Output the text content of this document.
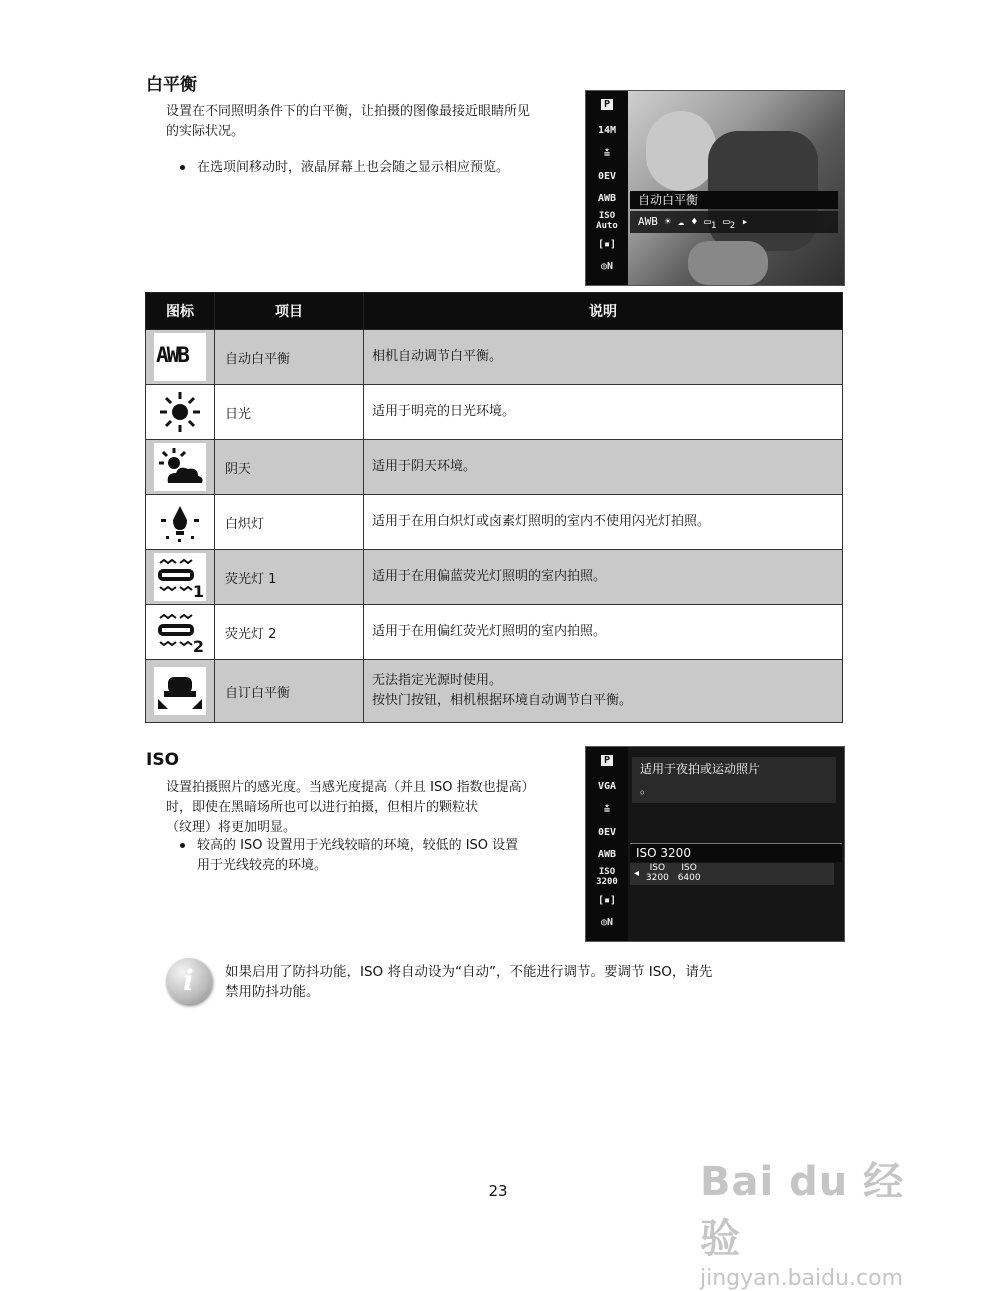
白平衡
设置在不同照明条件下的白平衡，让拍摄的图像最接近眼睛所见
的实际状况。
在选项间移动时，液晶屏幕上也会随之显示相应预览。
P
14M
≛
0EV
AWB
ISO
Auto
[▪]
◎N
自动白平衡
AWB ☀ ☁ ♦ $▭_1$ $▭_2$ ▸
图标	项目	说明

AWB	自动白平衡	相机自动调节白平衡。
	日光	适用于明亮的日光环境。
	阴天	适用于阴天环境。
	白炽灯	适用于在用白炽灯或卤素灯照明的室内不使用闪光灯拍照。

1	荧光灯 1	适用于在用偏蓝荧光灯照明的室内拍照。

2	荧光灯 2	适用于在用偏红荧光灯照明的室内拍照。
	自订白平衡	无法指定光源时使用。
按快门按钮，相机根据环境自动调节白平衡。
ISO
设置拍摄照片的感光度。当感光度提高（并且 ISO 指数也提高）
时，即使在黑暗场所也可以进行拍摄，但相片的颗粒状
（纹理）将更加明显。
较高的 ISO 设置用于光线较暗的环境，较低的 ISO 设置
用于光线较亮的环境。
P
VGA
≛
0EV
AWB
ISO
3200
[▪]
◎N
适用于夜拍或运动照片
。
ISO 3200
◂	ISO
3200

ISO
6400
i 如果启用了防抖功能，ISO 将自动设为“自动”，不能进行调节。要调节 ISO，请先
禁用防抖功能。
23	Bai du 经验
jingyan.baidu.com
